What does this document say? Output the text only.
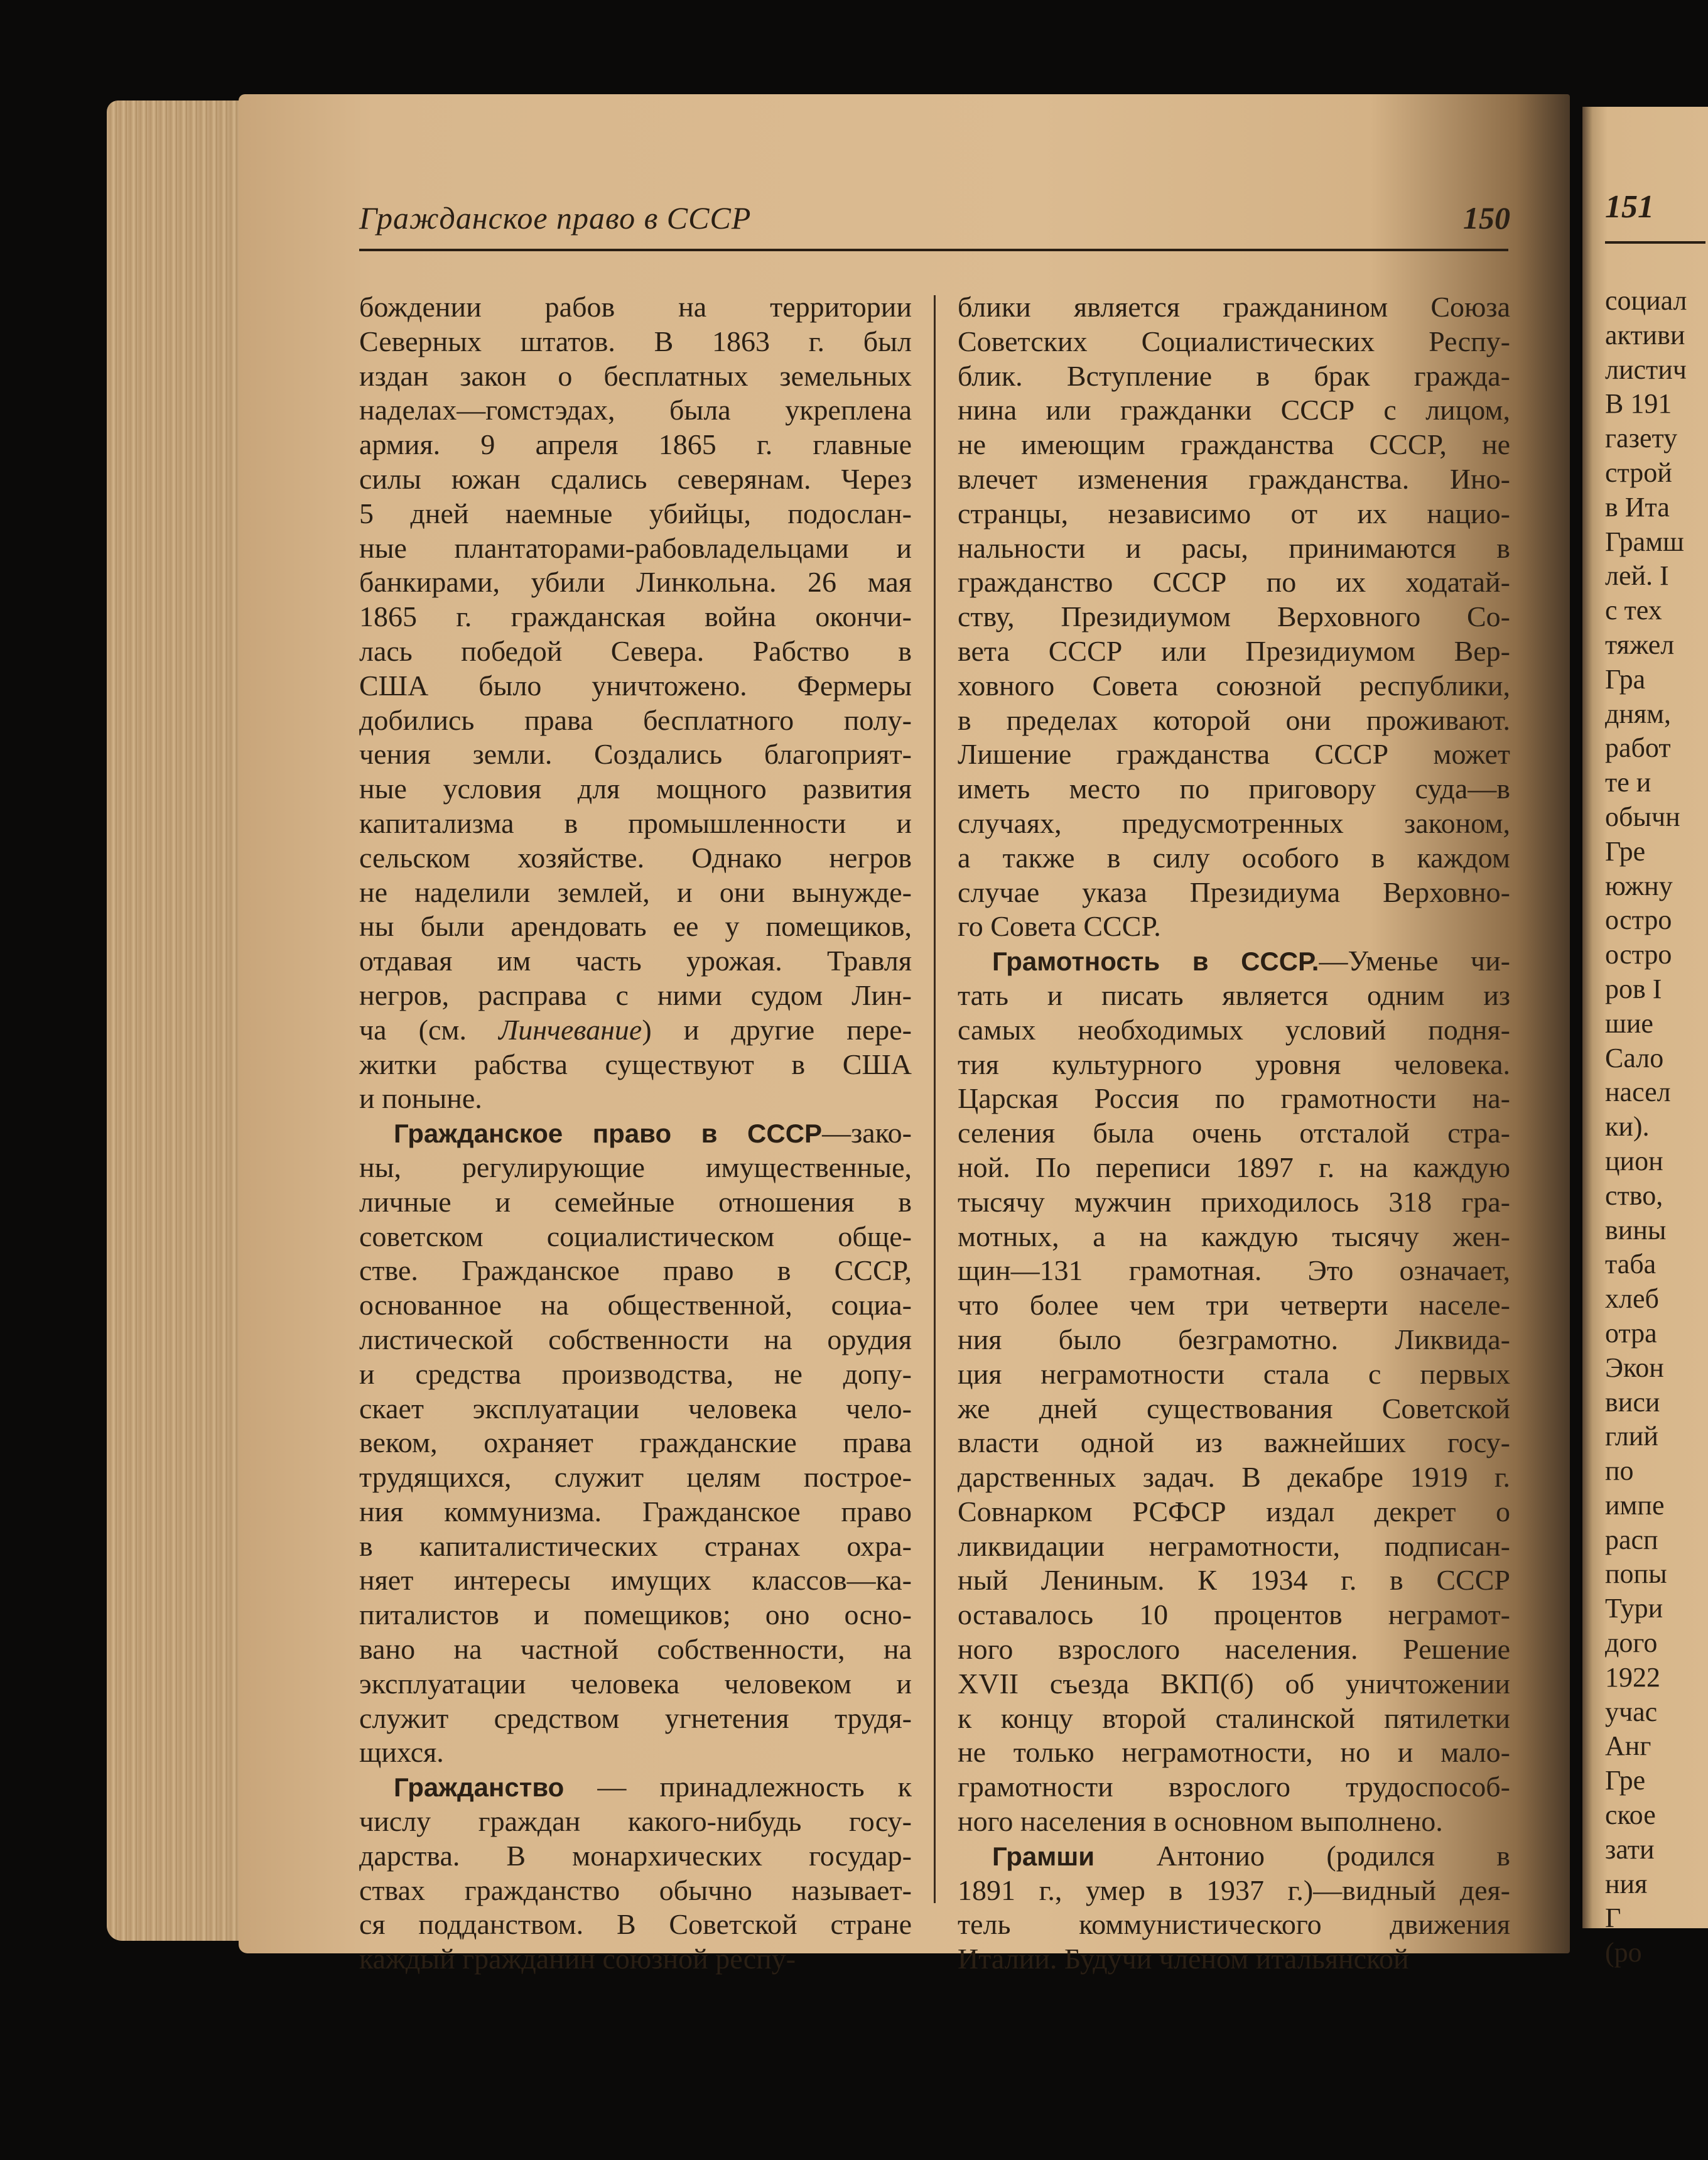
Гражданское право в СССР	150
бождении рабов на территории
Северных штатов. В 1863 г. был
издан закон о бесплатных земельных
наделах—гомстэдах, была укреплена
армия. 9 апреля 1865 г. главные
силы южан сдались северянам. Через
5 дней наемные убийцы, подослан-
ные плантаторами-рабовладельцами и
банкирами, убили Линкольна. 26 мая
1865 г. гражданская война окончи-
лась победой Севера. Рабство в
США было уничтожено. Фермеры
добились права бесплатного полу-
чения земли. Создались благоприят-
ные условия для мощного развития
капитализма в промышленности и
сельском хозяйстве. Однако негров
не наделили землей, и они вынужде-
ны были арендовать ее у помещиков,
отдавая им часть урожая. Травля
негров, расправа с ними судом Лин-
ча (см. Линчевание) и другие пере-
житки рабства существуют в США
и поныне.
Гражданское право в СССР—зако-
ны, регулирующие имущественные,
личные и семейные отношения в
советском социалистическом обще-
стве. Гражданское право в СССР,
основанное на общественной, социа-
листической собственности на орудия
и средства производства, не допу-
скает эксплуатации человека чело-
веком, охраняет гражданские права
трудящихся, служит целям построе-
ния коммунизма. Гражданское право
в капиталистических странах охра-
няет интересы имущих классов—ка-
питалистов и помещиков; оно осно-
вано на частной собственности, на
эксплуатации человека человеком и
служит средством угнетения трудя-
щихся.
Гражданство — принадлежность к
числу граждан какого-нибудь госу-
дарства. В монархических государ-
ствах гражданство обычно называет-
ся подданством. В Советской стране
каждый гражданин союзной респу-
блики является гражданином Союза
Советских Социалистических Респу-
блик. Вступление в брак гражда-
нина или гражданки СССР с лицом,
не имеющим гражданства СССР, не
влечет изменения гражданства. Ино-
странцы, независимо от их нацио-
нальности и расы, принимаются в
гражданство СССР по их ходатай-
ству, Президиумом Верховного Со-
вета СССР или Президиумом Вер-
ховного Совета союзной республики,
в пределах которой они проживают.
Лишение гражданства СССР может
иметь место по приговору суда—в
случаях, предусмотренных законом,
а также в силу особого в каждом
случае указа Президиума Верховно-
го Совета СССР.
Грамотность в СССР.—Уменье чи-
тать и писать является одним из
самых необходимых условий подня-
тия культурного уровня человека.
Царская Россия по грамотности на-
селения была очень отсталой стра-
ной. По переписи 1897 г. на каждую
тысячу мужчин приходилось 318 гра-
мотных, а на каждую тысячу жен-
щин—131 грамотная. Это означает,
что более чем три четверти населе-
ния было безграмотно. Ликвида-
ция неграмотности стала с первых
же дней существования Советской
власти одной из важнейших госу-
дарственных задач. В декабре 1919 г.
Совнарком РСФСР издал декрет о
ликвидации неграмотности, подписан-
ный Лениным. К 1934 г. в СССР
оставалось 10 процентов неграмот-
ного взрослого населения. Решение
XVII съезда ВКП(б) об уничтожении
к концу второй сталинской пятилетки
не только неграмотности, но и мало-
грамотности взрослого трудоспособ-
ного населения в основном выполнено.
Грамши Антонио (родился в
1891 г., умер в 1937 г.)—видный дея-
тель коммунистического движения
Италии. Будучи членом итальянской
151
социал
активи
листич
В 191
газету
строй
в Ита
Грамш
лей. І
с тех
тяжел
Гра
дням,
работ
те и
обычн
Гре
южну
остро
остро
ров І
шие
Сало
насел
ки).
цион
ство,
вины
таба
хлеб
отра
Экон
виси
глий
по
импе
расп
попы
Тури
дого
1922
учас
Анг
Гре
ское
зати
ния
Г
(ро
